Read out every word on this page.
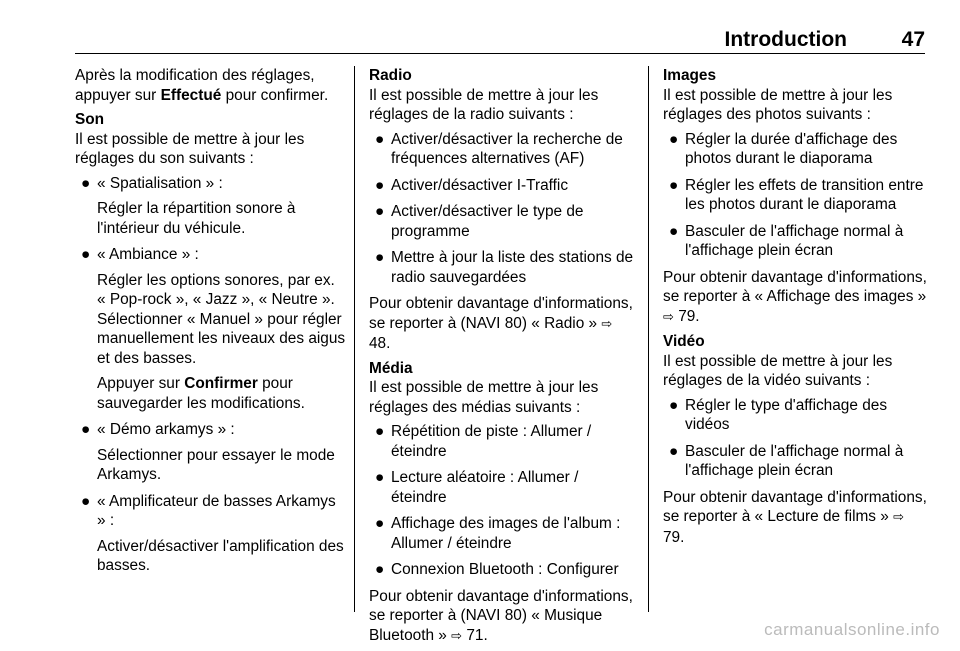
Introduction	47

Après la modification des réglages, appuyer sur Effectué pour confirmer.

Son
Il est possible de mettre à jour les réglages du son suivants :

● « Spatialisation » :
Régler la répartition sonore à l'intérieur du véhicule.
● « Ambiance » :
Régler les options sonores, par ex. « Pop-rock », « Jazz », « Neutre ». Sélectionner « Manuel » pour régler manuellement les niveaux des aigus et des basses.
Appuyer sur Confirmer pour sauvegarder les modifications.
● « Démo arkamys » :
Sélectionner pour essayer le mode Arkamys.
● « Amplificateur de basses Arkamys » :
Activer/désactiver l'amplification des basses.

Radio
Il est possible de mettre à jour les réglages de la radio suivants :

● Activer/désactiver la recherche de fréquences alternatives (AF)
● Activer/désactiver I-Traffic
● Activer/désactiver le type de programme
● Mettre à jour la liste des stations de radio sauvegardées

Pour obtenir davantage d'informations, se reporter à (NAVI 80) « Radio » ⇨ 48.

Média
Il est possible de mettre à jour les réglages des médias suivants :

● Répétition de piste : Allumer / éteindre
● Lecture aléatoire : Allumer / éteindre
● Affichage des images de l'album : Allumer / éteindre
● Connexion Bluetooth : Configurer

Pour obtenir davantage d'informations, se reporter à (NAVI 80) « Musique Bluetooth » ⇨ 71.

Images
Il est possible de mettre à jour les réglages des photos suivants :

● Régler la durée d'affichage des photos durant le diaporama
● Régler les effets de transition entre les photos durant le diaporama
● Basculer de l'affichage normal à l'affichage plein écran

Pour obtenir davantage d'informations, se reporter à « Affichage des images » ⇨ 79.

Vidéo
Il est possible de mettre à jour les réglages de la vidéo suivants :

● Régler le type d'affichage des vidéos
● Basculer de l'affichage normal à l'affichage plein écran

Pour obtenir davantage d'informations, se reporter à « Lecture de films » ⇨ 79.

carmanualsonline.info
